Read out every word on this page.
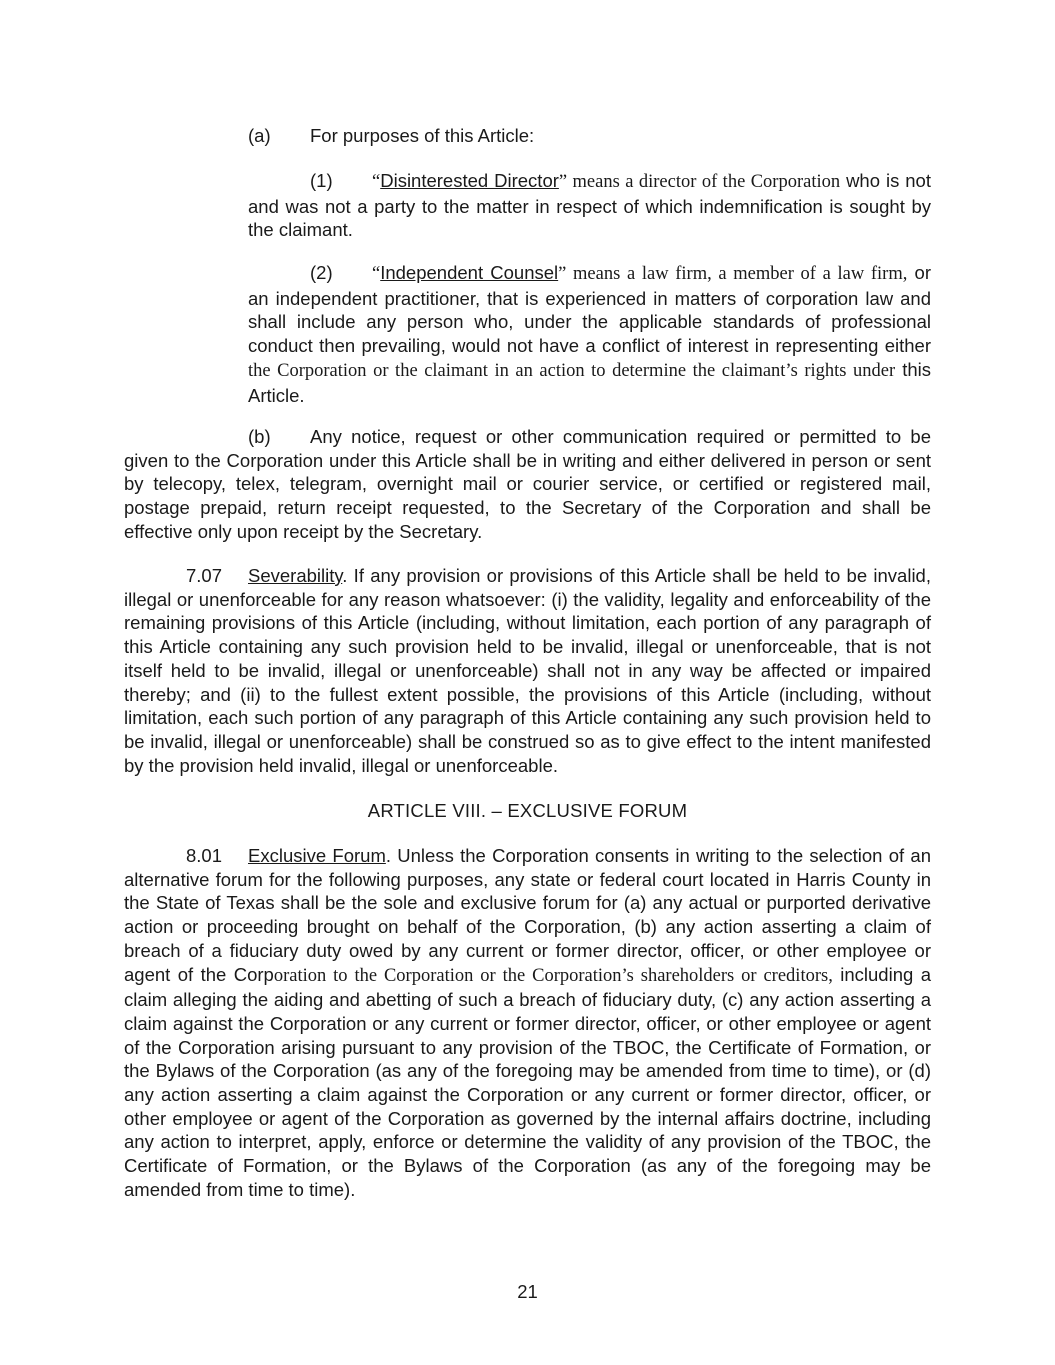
(a) For purposes of this Article:
(1) “Disinterested Director” means a director of the Corporation who is not and was not a party to the matter in respect of which indemnification is sought by the claimant.
(2) “Independent Counsel” means a law firm, a member of a law firm, or an independent practitioner, that is experienced in matters of corporation law and shall include any person who, under the applicable standards of professional conduct then prevailing, would not have a conflict of interest in representing either the Corporation or the claimant in an action to determine the claimant’s rights under this Article.
(b) Any notice, request or other communication required or permitted to be given to the Corporation under this Article shall be in writing and either delivered in person or sent by telecopy, telex, telegram, overnight mail or courier service, or certified or registered mail, postage prepaid, return receipt requested, to the Secretary of the Corporation and shall be effective only upon receipt by the Secretary.
7.07 Severability. If any provision or provisions of this Article shall be held to be invalid, illegal or unenforceable for any reason whatsoever: (i) the validity, legality and enforceability of the remaining provisions of this Article (including, without limitation, each portion of any paragraph of this Article containing any such provision held to be invalid, illegal or unenforceable, that is not itself held to be invalid, illegal or unenforceable) shall not in any way be affected or impaired thereby; and (ii) to the fullest extent possible, the provisions of this Article (including, without limitation, each such portion of any paragraph of this Article containing any such provision held to be invalid, illegal or unenforceable) shall be construed so as to give effect to the intent manifested by the provision held invalid, illegal or unenforceable.
ARTICLE VIII. – EXCLUSIVE FORUM
8.01 Exclusive Forum. Unless the Corporation consents in writing to the selection of an alternative forum for the following purposes, any state or federal court located in Harris County in the State of Texas shall be the sole and exclusive forum for (a) any actual or purported derivative action or proceeding brought on behalf of the Corporation, (b) any action asserting a claim of breach of a fiduciary duty owed by any current or former director, officer, or other employee or agent of the Corporation to the Corporation or the Corporation’s shareholders or creditors, including a claim alleging the aiding and abetting of such a breach of fiduciary duty, (c) any action asserting a claim against the Corporation or any current or former director, officer, or other employee or agent of the Corporation arising pursuant to any provision of the TBOC, the Certificate of Formation, or the Bylaws of the Corporation (as any of the foregoing may be amended from time to time), or (d) any action asserting a claim against the Corporation or any current or former director, officer, or other employee or agent of the Corporation as governed by the internal affairs doctrine, including any action to interpret, apply, enforce or determine the validity of any provision of the TBOC, the Certificate of Formation, or the Bylaws of the Corporation (as any of the foregoing may be amended from time to time).
21
